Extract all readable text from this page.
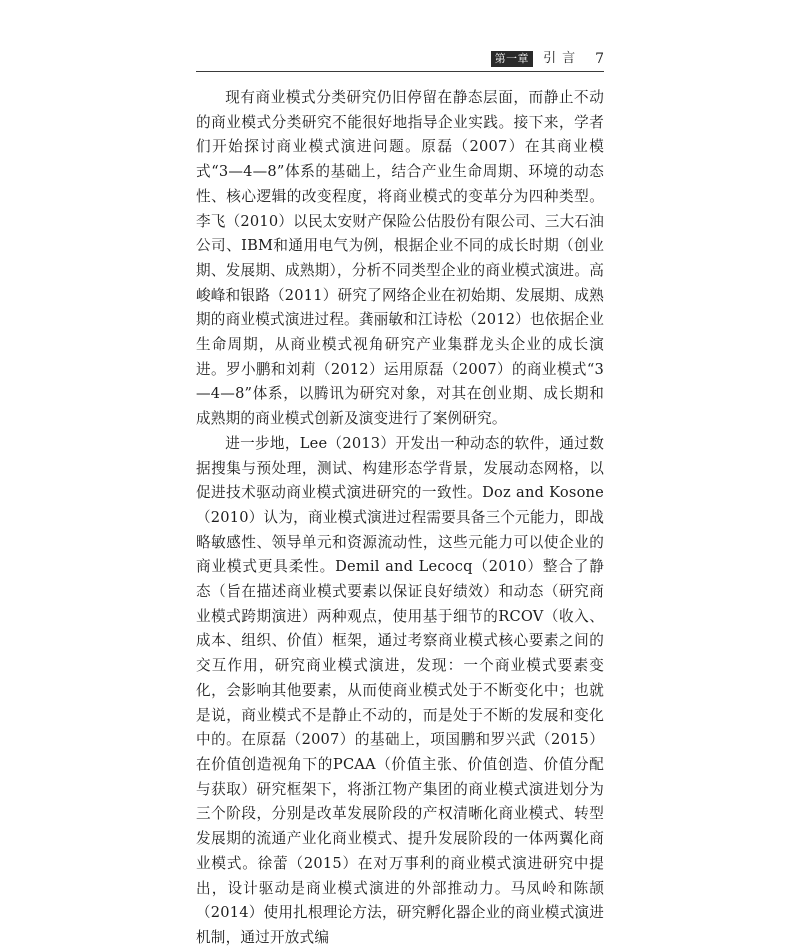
第一章	引言 7

现有商业模式分类研究仍旧停留在静态层面，而静止不动的商业模式分类研究不能很好地指导企业实践。接下来，学者们开始探讨商业模式演进问题。原磊（2007）在其商业模式“3—4—8”体系的基础上，结合产业生命周期、环境的动态性、核心逻辑的改变程度，将商业模式的变革分为四种类型。李飞（2010）以民太安财产保险公估股份有限公司、三大石油公司、IBM和通用电气为例，根据企业不同的成长时期（创业期、发展期、成熟期），分析不同类型企业的商业模式演进。高峻峰和银路（2011）研究了网络企业在初始期、发展期、成熟期的商业模式演进过程。龚丽敏和江诗松（2012）也依据企业生命周期，从商业模式视角研究产业集群龙头企业的成长演进。罗小鹏和刘莉（2012）运用原磊（2007）的商业模式“3—4—8”体系，以腾讯为研究对象，对其在创业期、成长期和成熟期的商业模式创新及演变进行了案例研究。

进一步地，Lee（2013）开发出一种动态的软件，通过数据搜集与预处理，测试、构建形态学背景，发展动态网格，以促进技术驱动商业模式演进研究的一致性。Doz and Kosone（2010）认为，商业模式演进过程需要具备三个元能力，即战略敏感性、领导单元和资源流动性，这些元能力可以使企业的商业模式更具柔性。Demil and Lecocq（2010）整合了静态（旨在描述商业模式要素以保证良好绩效）和动态（研究商业模式跨期演进）两种观点，使用基于细节的RCOV（收入、成本、组织、价值）框架，通过考察商业模式核心要素之间的交互作用，研究商业模式演进，发现：一个商业模式要素变化，会影响其他要素，从而使商业模式处于不断变化中；也就是说，商业模式不是静止不动的，而是处于不断的发展和变化中的。在原磊（2007）的基础上，项国鹏和罗兴武（2015）在价值创造视角下的PCAA（价值主张、价值创造、价值分配与获取）研究框架下，将浙江物产集团的商业模式演进划分为三个阶段，分别是改革发展阶段的产权清晰化商业模式、转型发展期的流通产业化商业模式、提升发展阶段的一体两翼化商业模式。徐蕾（2015）在对万事利的商业模式演进研究中提出，设计驱动是商业模式演进的外部推动力。马凤岭和陈颉（2014）使用扎根理论方法，研究孵化器企业的商业模式演进机制，通过开放式编
